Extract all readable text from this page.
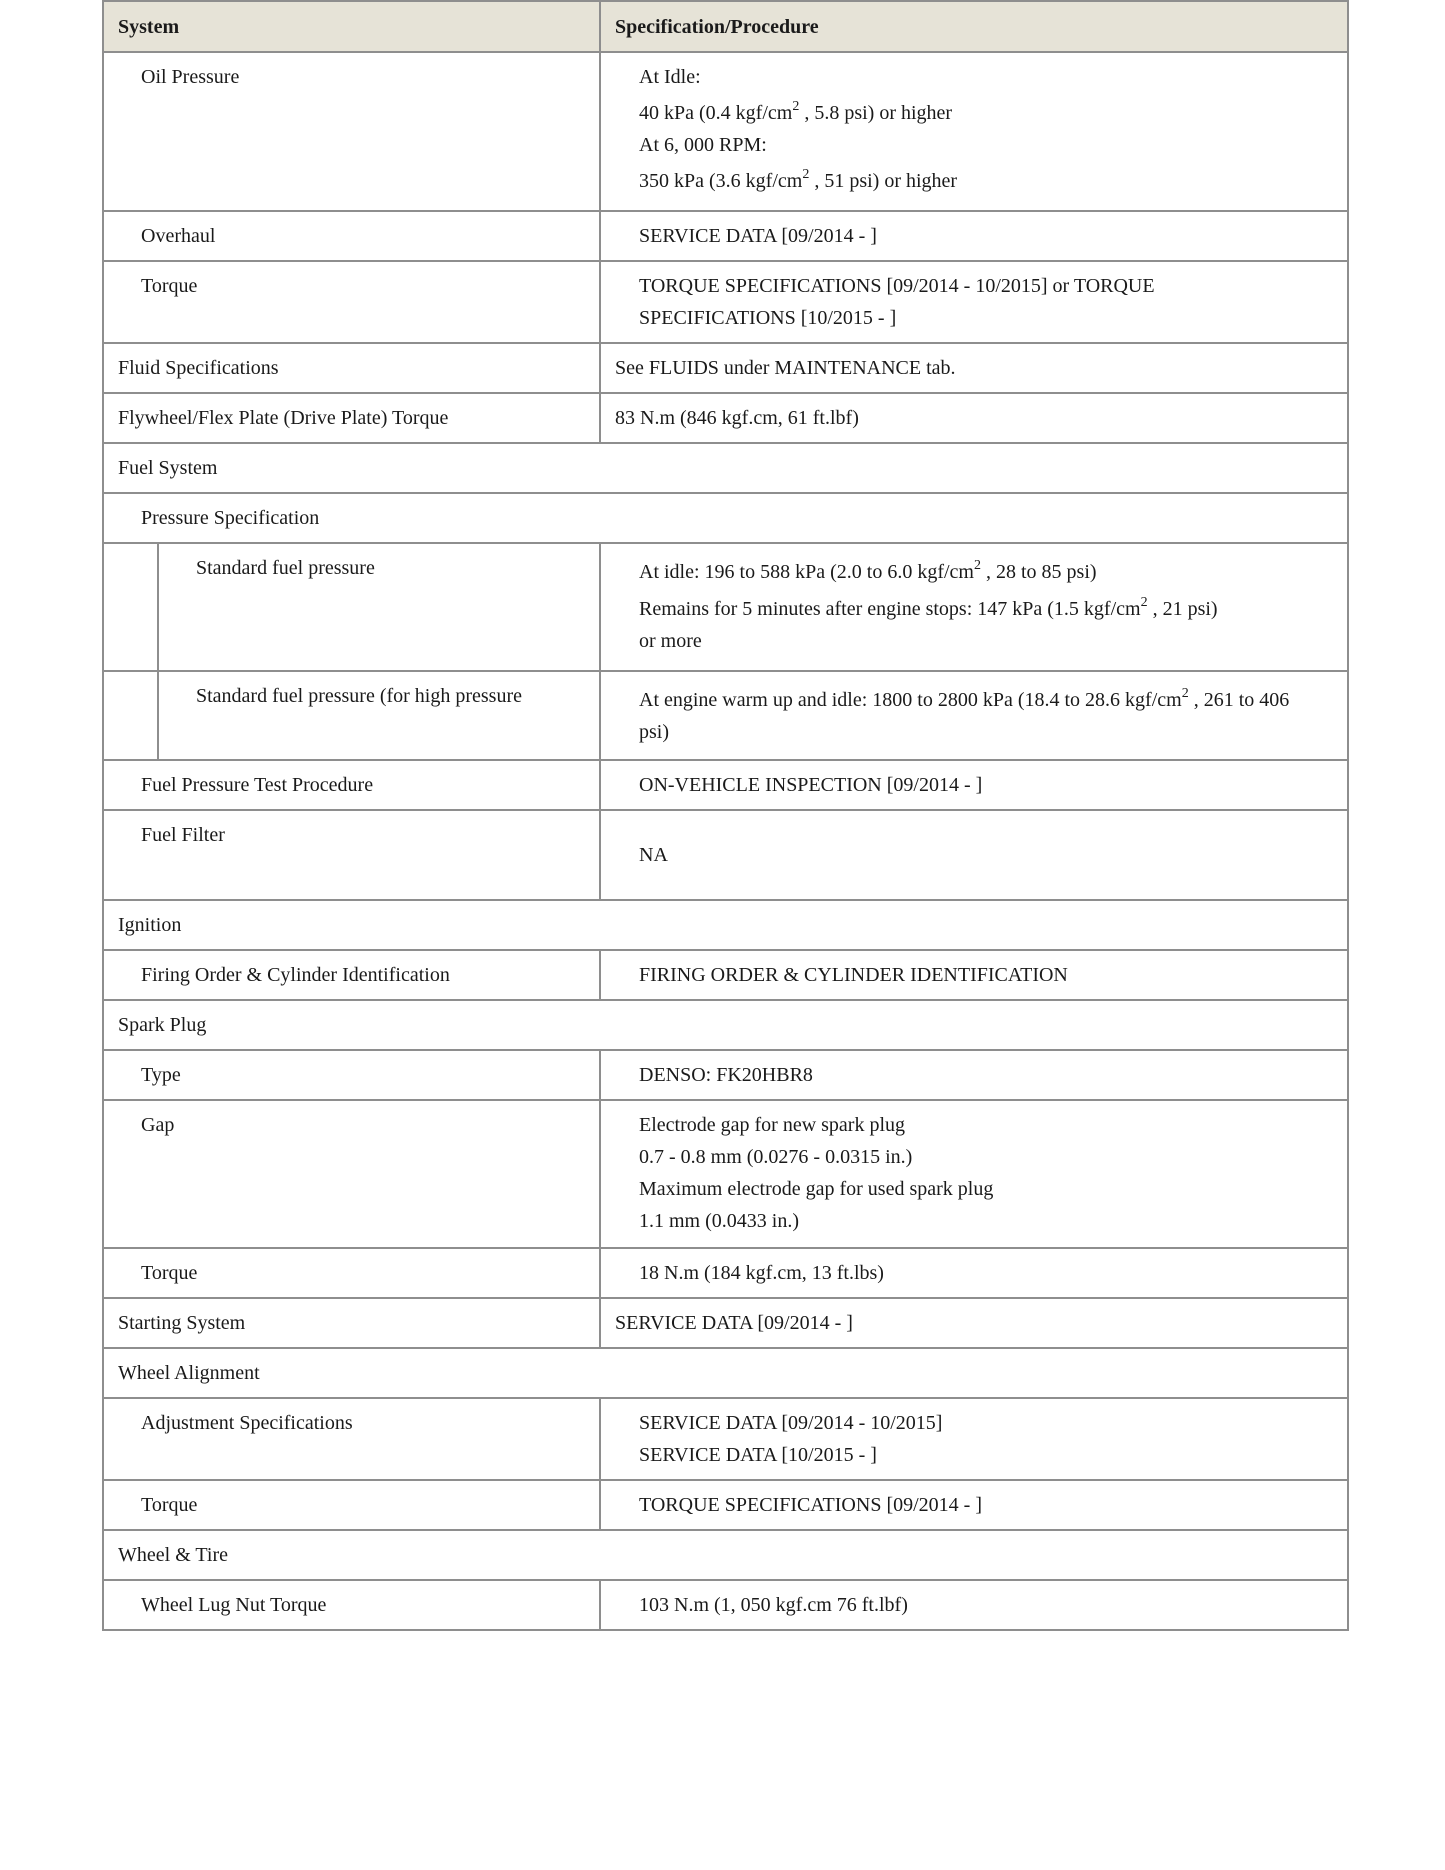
System	Specification/Procedure
Oil Pressure	At Idle:
40 kPa (0.4 kgf/$cm^2$ , 5.8 psi) or higher
At 6, 000 RPM:
350 kPa (3.6 kgf/$cm^2$ , 51 psi) or higher

Overhaul	SERVICE DATA [09/2014 - ]
Torque	TORQUE SPECIFICATIONS [09/2014 - 10/2015] or TORQUE
SPECIFICATIONS [10/2015 - ]

Fluid Specifications	See FLUIDS under MAINTENANCE tab.
Flywheel/Flex Plate (Drive Plate) Torque	83 N.m (846 kgf.cm, 61 ft.lbf)
Fuel System	
Pressure Specification	

Standard fuel pressure	At idle: 196 to 588 kPa (2.0 to 6.0 kgf/$cm^2$ , 28 to 85 psi)
Remains for 5 minutes after engine stops: 147 kPa (1.5 kgf/$cm^2$ , 21 psi)
or more

Standard fuel pressure (for high pressure	At engine warm up and idle: 1800 to 2800 kPa (18.4 to 28.6 kgf/$cm^2$ , 261 to 406
psi)

Fuel Pressure Test Procedure	ON-VEHICLE INSPECTION [09/2014 - ]
Fuel Filter	NA
Ignition	
Firing Order & Cylinder Identification	FIRING ORDER & CYLINDER IDENTIFICATION
Spark Plug	
Type	DENSO: FK20HBR8
Gap	Electrode gap for new spark plug
0.7 - 0.8 mm (0.0276 - 0.0315 in.)
Maximum electrode gap for used spark plug
1.1 mm (0.0433 in.)

Torque	18 N.m (184 kgf.cm, 13 ft.lbs)
Starting System	SERVICE DATA [09/2014 - ]
Wheel Alignment	
Adjustment Specifications	SERVICE DATA [09/2014 - 10/2015]
SERVICE DATA [10/2015 - ]

Torque	TORQUE SPECIFICATIONS [09/2014 - ]
Wheel & Tire	
Wheel Lug Nut Torque	103 N.m (1, 050 kgf.cm 76 ft.lbf)
